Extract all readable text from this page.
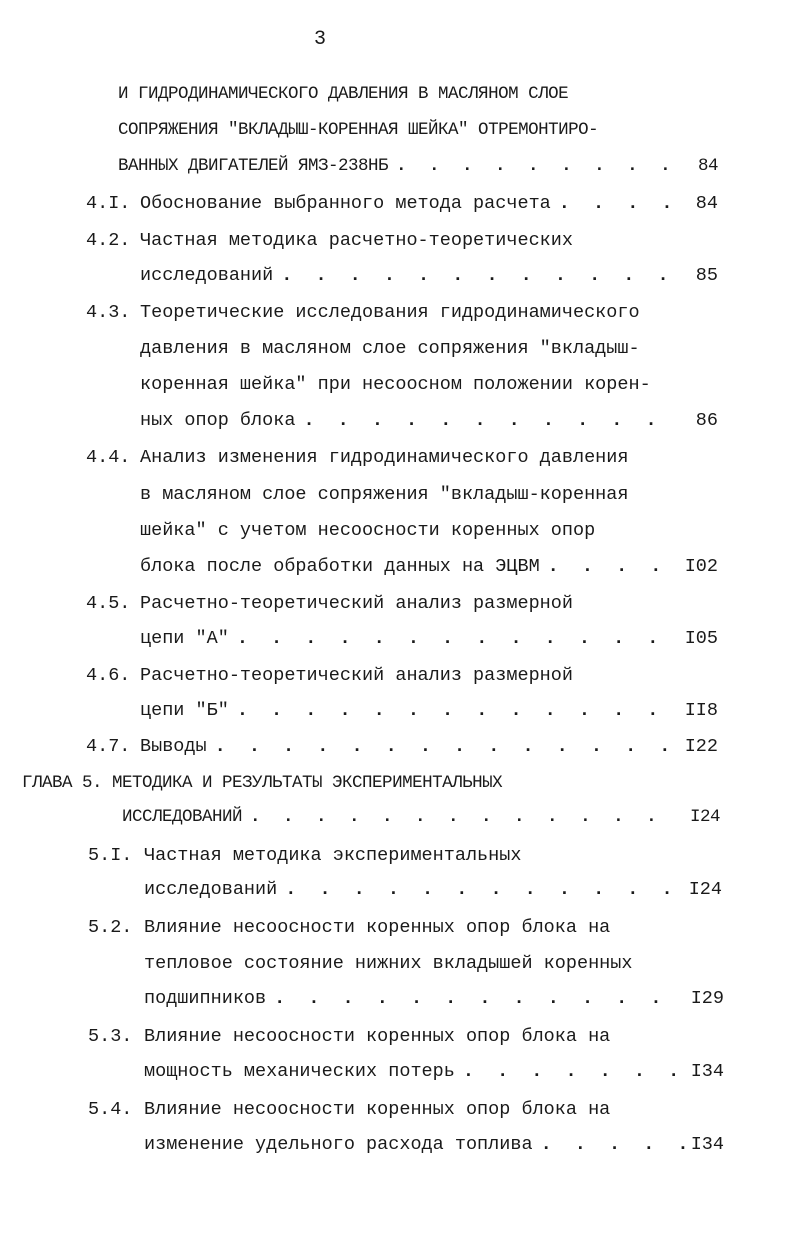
3
И ГИДРОДИНАМИЧЕСКОГО ДАВЛЕНИЯ В МАСЛЯНОМ СЛОЕ
СОПРЯЖЕНИЯ "ВКЛАДЫШ-КОРЕННАЯ ШЕЙКА" ОТРЕМОНТИРО-
ВАННЫХ ДВИГАТЕЛЕЙ ЯМЗ-238НБ . . .	84
4.I. Обоснование выбранного метода расчета . . .	84
4.2. Частная методика расчетно-теоретических
исследований . . .	85
4.3. Теоретические исследования гидродинамического
давления в масляном слое сопряжения "вкладыш-
коренная шейка" при несоосном положении корен-
ных опор блока . . .	86
4.4. Анализ изменения гидродинамического давления
в масляном слое сопряжения "вкладыш-коренная
шейка" с учетом несоосности коренных опор
блока после обработки данных на ЭЦВМ . . .	I02
4.5. Расчетно-теоретический анализ размерной
цепи "А" . . .	I05
4.6. Расчетно-теоретический анализ размерной
цепи "Б" . . .	II8
4.7. Выводы . . .	I22
ГЛАВА 5. МЕТОДИКА И РЕЗУЛЬТАТЫ ЭКСПЕРИМЕНТАЛЬНЫХ
ИССЛЕДОВАНИЙ . . .	I24
5.I. Частная методика экспериментальных
исследований . . .	I24
5.2. Влияние несоосности коренных опор блока на
тепловое состояние нижних вкладышей коренных
подшипников . . .	I29
5.3. Влияние несоосности коренных опор блока на
мощность механических потерь . . .	I34
5.4. Влияние несоосности коренных опор блока на
изменение удельного расхода топлива . . .	I34
